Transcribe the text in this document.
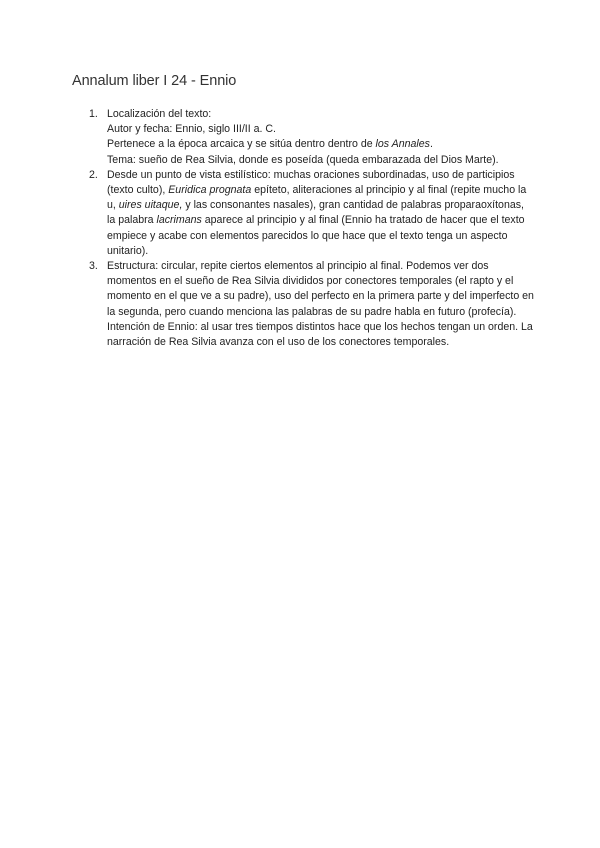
Annalum liber I 24 - Ennio
1. Localización del texto:
Autor y fecha: Ennio, siglo III/II a. C.
Pertenece a la época arcaica y se sitúa dentro dentro de los Annales.
Tema: sueño de Rea Silvia, donde es poseída (queda embarazada del Dios Marte).
2. Desde un punto de vista estilístico: muchas oraciones subordinadas, uso de participios (texto culto), Euridica prognata epíteto, aliteraciones al principio y al final (repite mucho la u, uires uitaque, y las consonantes nasales), gran cantidad de palabras proparaoxítonas, la palabra lacrimans aparece al principio y al final (Ennio ha tratado de hacer que el texto empiece y acabe con elementos parecidos lo que hace que el texto tenga un aspecto unitario).
3. Estructura: circular, repite ciertos elementos al principio al final. Podemos ver dos momentos en el sueño de Rea Silvia divididos por conectores temporales (el rapto y el momento en el que ve a su padre), uso del perfecto en la primera parte y del imperfecto en la segunda, pero cuando menciona las palabras de su padre habla en futuro (profecía). Intención de Ennio: al usar tres tiempos distintos hace que los hechos tengan un orden. La narración de Rea Silvia avanza con el uso de los conectores temporales.
